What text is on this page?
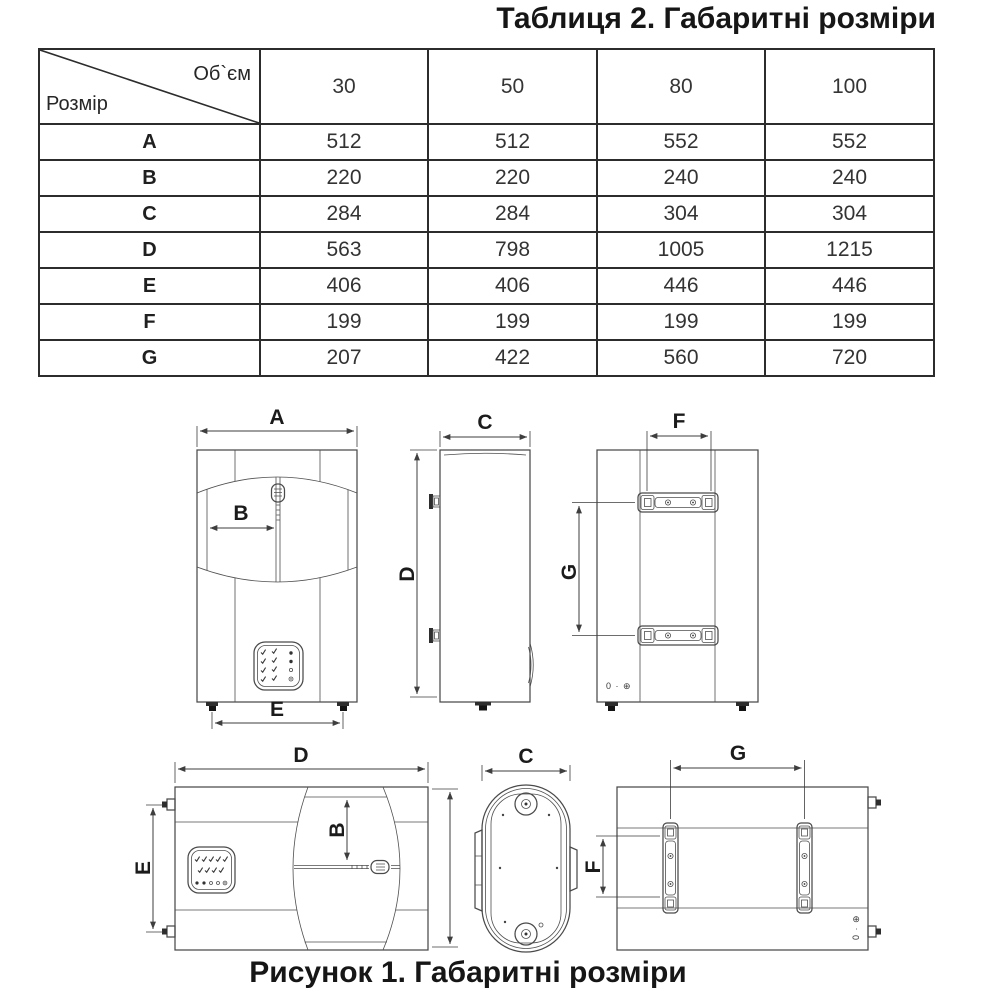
Таблиця 2. Габаритні розміри
Об`єм
Розмір	30	50	80	100
A	512	512	552	552
B	220	220	240	240
C	284	284	304	304
D	563	798	1005	1215
E	406	406	446	446
F	199	199	199	199
G	207	422	560	720
A
B
E
C
D
F
G
0 · ⊕
D
E
B
C	G
F
0 · ⊕
Рисунок 1. Габаритні розміри
